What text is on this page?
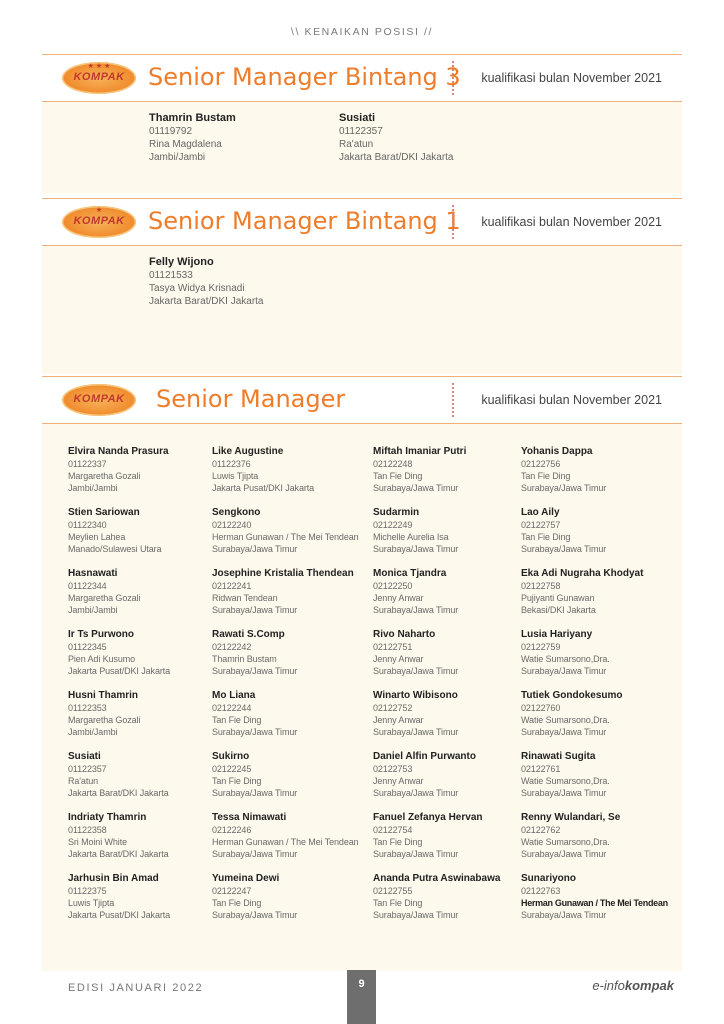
\\ KENAIKAN POSISI //
★ ★ ★
KOMPAK Senior Manager Bintang 3 kualifikasi bulan November 2021
Thamrin Bustam
01119792
Rina Magdalena
Jambi/Jambi
Susiati
01122357
Ra'atun
Jakarta Barat/DKI Jakarta
★
KOMPAK Senior Manager Bintang 1 kualifikasi bulan November 2021
Felly Wijono
01121533
Tasya Widya Krisnadi
Jakarta Barat/DKI Jakarta
KOMPAK	Senior Manager	kualifikasi bulan November 2021
Elvira Nanda Prasura
01122337
Margaretha Gozali
Jambi/Jambi
Like Augustine
01122376
Luwis Tjipta
Jakarta Pusat/DKI Jakarta
Miftah Imaniar Putri
02122248
Tan Fie Ding
Surabaya/Jawa Timur
Yohanis Dappa
02122756
Tan Fie Ding
Surabaya/Jawa Timur
Stien Sariowan
01122340
Meylien Lahea
Manado/Sulawesi Utara
Sengkono
02122240
Herman Gunawan / The Mei Tendean
Surabaya/Jawa Timur
Sudarmin
02122249
Michelle Aurelia Isa
Surabaya/Jawa Timur
Lao Aily
02122757
Tan Fie Ding
Surabaya/Jawa Timur
Hasnawati
01122344
Margaretha Gozali
Jambi/Jambi
Josephine Kristalia Thendean
02122241
Ridwan Tendean
Surabaya/Jawa Timur
Monica Tjandra
02122250
Jenny Anwar
Surabaya/Jawa Timur
Eka Adi Nugraha Khodyat
02122758
Pujiyanti Gunawan
Bekasi/DKI Jakarta
Ir Ts Purwono
01122345
Pien Adi Kusumo
Jakarta Pusat/DKI Jakarta
Rawati S.Comp
02122242
Thamrin Bustam
Surabaya/Jawa Timur
Rivo Naharto
02122751
Jenny Anwar
Surabaya/Jawa Timur
Lusia Hariyany
02122759
Watie Sumarsono,Dra.
Surabaya/Jawa Timur
Husni Thamrin
01122353
Margaretha Gozali
Jambi/Jambi
Mo Liana
02122244
Tan Fie Ding
Surabaya/Jawa Timur
Winarto Wibisono
02122752
Jenny Anwar
Surabaya/Jawa Timur
Tutiek Gondokesumo
02122760
Watie Sumarsono,Dra.
Surabaya/Jawa Timur
Susiati
01122357
Ra'atun
Jakarta Barat/DKI Jakarta
Sukirno
02122245
Tan Fie Ding
Surabaya/Jawa Timur
Daniel Alfin Purwanto
02122753
Jenny Anwar
Surabaya/Jawa Timur
Rinawati Sugita
02122761
Watie Sumarsono,Dra.
Surabaya/Jawa Timur
Indriaty Thamrin
01122358
Sri Moini White
Jakarta Barat/DKI Jakarta
Tessa Nimawati
02122246
Herman Gunawan / The Mei Tendean
Surabaya/Jawa Timur
Fanuel Zefanya Hervan
02122754
Tan Fie Ding
Surabaya/Jawa Timur
Renny Wulandari, Se
02122762
Watie Sumarsono,Dra.
Surabaya/Jawa Timur
Jarhusin Bin Amad
01122375
Luwis Tjipta
Jakarta Pusat/DKI Jakarta
Yumeina Dewi
02122247
Tan Fie Ding
Surabaya/Jawa Timur
Ananda Putra Aswinabawa
02122755
Tan Fie Ding
Surabaya/Jawa Timur
Sunariyono
02122763
Herman Gunawan / The Mei Tendean
Surabaya/Jawa Timur
EDISI JANUARI 2022	9	e-infokompak
